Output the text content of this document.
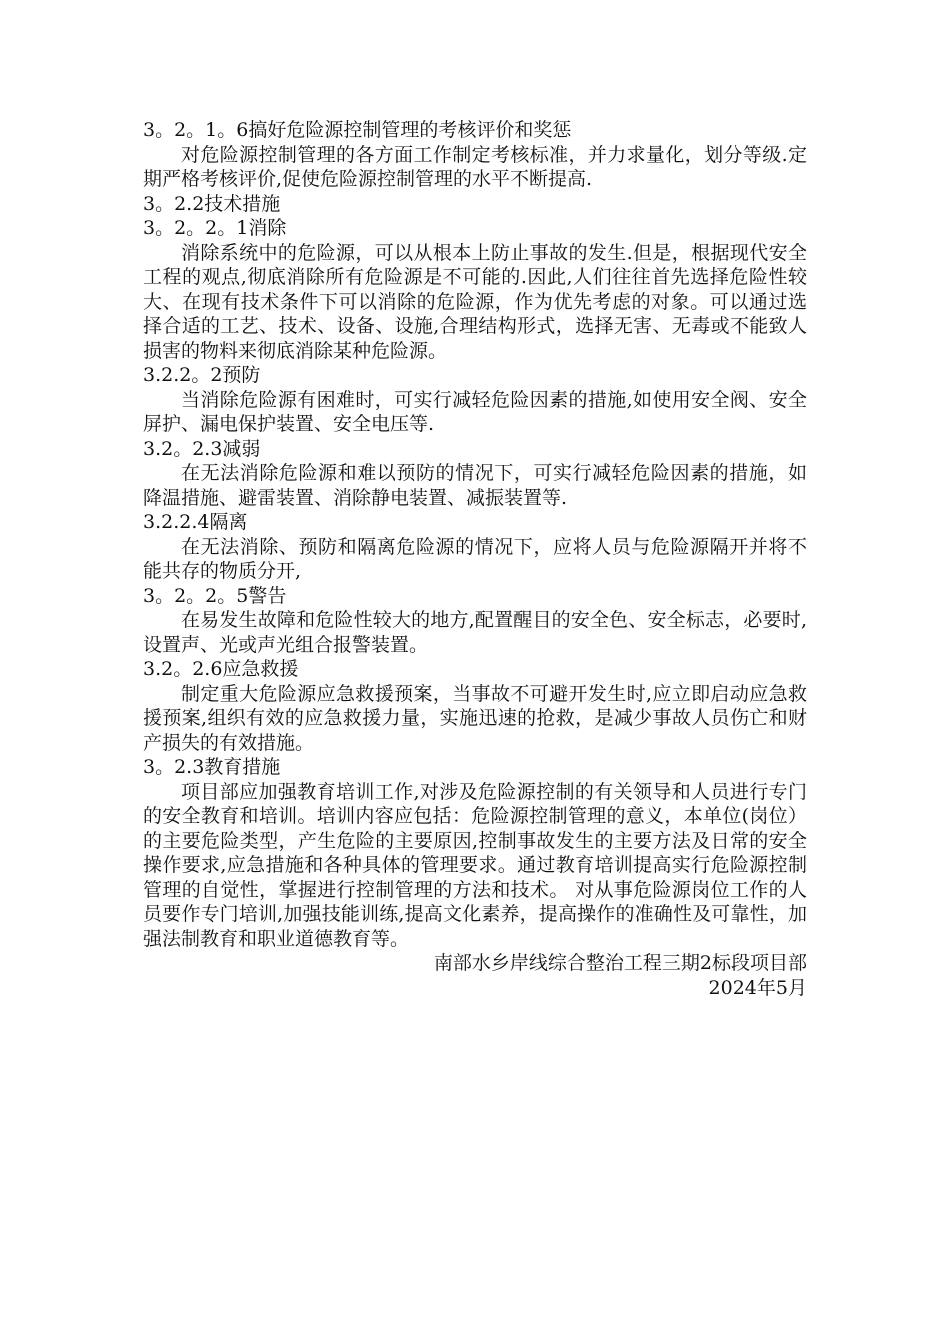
3。2。1。6搞好危险源控制管理的考核评价和奖惩

对危险源控制管理的各方面工作制定考核标准，并力求量化，划分等级.定期严格考核评价,促使危险源控制管理的水平不断提高.

3。2.2技术措施
3。2。2。1消除

消除系统中的危险源，可以从根本上防止事故的发生.但是，根据现代安全工程的观点,彻底消除所有危险源是不可能的.因此,人们往往首先选择危险性较大、在现有技术条件下可以消除的危险源，作为优先考虑的对象。可以通过选择合适的工艺、技术、设备、设施,合理结构形式，选择无害、无毒或不能致人损害的物料来彻底消除某种危险源。

3.2.2。2预防

当消除危险源有困难时，可实行减轻危险因素的措施,如使用安全阀、安全屏护、漏电保护装置、安全电压等.

3.2。2.3减弱

在无法消除危险源和难以预防的情况下，可实行减轻危险因素的措施，如降温措施、避雷装置、消除静电装置、减振装置等.

3.2.2.4隔离

在无法消除、预防和隔离危险源的情况下，应将人员与危险源隔开并将不能共存的物质分开,

3。2。2。5警告

在易发生故障和危险性较大的地方,配置醒目的安全色、安全标志，必要时,设置声、光或声光组合报警装置。

3.2。2.6应急救援

制定重大危险源应急救援预案，当事故不可避开发生时,应立即启动应急救援预案,组织有效的应急救援力量，实施迅速的抢救，是减少事故人员伤亡和财产损失的有效措施。

3。2.3教育措施

项目部应加强教育培训工作,对涉及危险源控制的有关领导和人员进行专门的安全教育和培训。培训内容应包括：危险源控制管理的意义，本单位(岗位）的主要危险类型，产生危险的主要原因,控制事故发生的主要方法及日常的安全操作要求,应急措施和各种具体的管理要求。通过教育培训提高实行危险源控制管理的自觉性，掌握进行控制管理的方法和技术。 对从事危险源岗位工作的人员要作专门培训,加强技能训练,提高文化素养，提高操作的准确性及可靠性，加强法制教育和职业道德教育等。

南部水乡岸线综合整治工程三期2标段项目部
2024年5月
